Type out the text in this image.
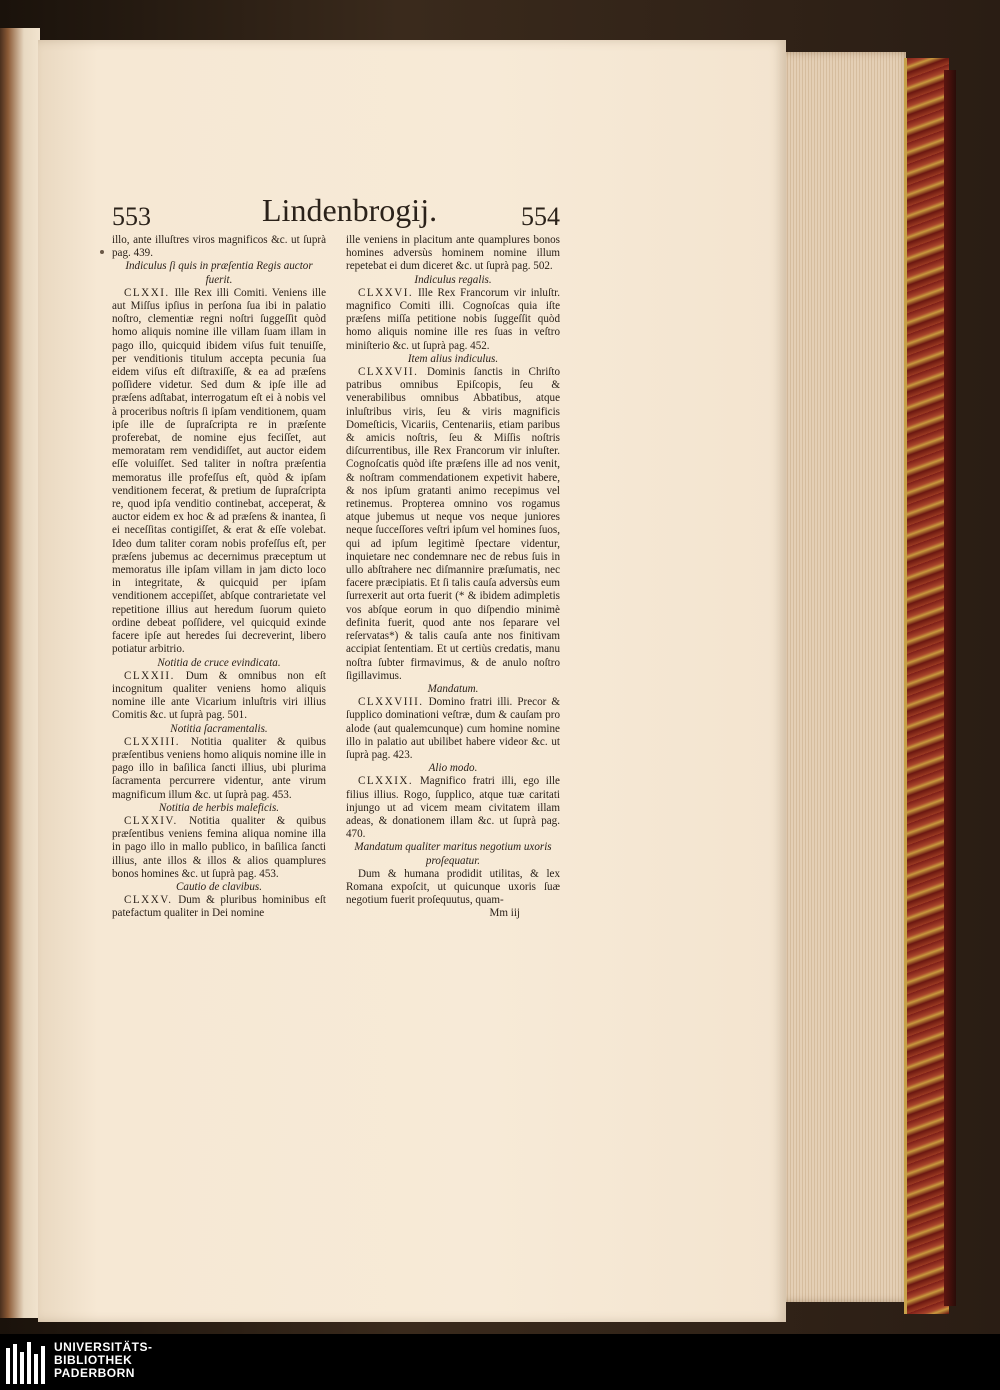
553	Lindenbrogij.	554

illo, ante illuſtres viros magnificos &c. ut ſuprà pag. 439.

Indiculus ſi quis in præſentia Regis auctor fuerit.

CLXXI. Ille Rex illi Comiti. Veniens ille aut Miſſus ipſius in perſona ſua ibi in palatio noſtro, clementiæ regni noſtri ſuggeſſit quòd homo aliquis nomine ille villam ſuam illam in pago illo, quicquid ibidem viſus fuit tenuiſſe, per venditionis titulum accepta pecunia ſua eidem viſus eſt diſtraxiſſe, & ea ad præſens poſſidere videtur. Sed dum & ipſe ille ad præſens adſtabat, interrogatum eſt ei à nobis vel à proceribus noſtris ſi ipſam venditionem, quam ipſe ille de ſupraſcripta re in præſente proferebat, de nomine ejus feciſſet, aut memoratam rem vendidiſſet, aut auctor eidem eſſe voluiſſet. Sed taliter in noſtra præſentia memoratus ille profeſſus eſt, quòd & ipſam venditionem fecerat, & pretium de ſupraſcripta re, quod ipſa venditio continebat, acceperat, & auctor eidem ex hoc & ad præſens & inantea, ſi ei neceſſitas contigiſſet, & erat & eſſe volebat. Ideo dum taliter coram nobis profeſſus eſt, per præſens jubemus ac decernimus præceptum ut memoratus ille ipſam villam in jam dicto loco in integritate, & quicquid per ipſam venditionem accepiſſet, abſque contrarietate vel repetitione illius aut heredum ſuorum quieto ordine debeat poſſidere, vel quicquid exinde facere ipſe aut heredes ſui decreverint, libero potiatur arbitrio.

Notitia de cruce evindicata.

CLXXII. Dum & omnibus non eſt incognitum qualiter veniens homo aliquis nomine ille ante Vicarium inluſtris viri illius Comitis &c. ut ſuprà pag. 501.

Notitia ſacramentalis.

CLXXIII. Notitia qualiter & quibus præſentibus veniens homo aliquis nomine ille in pago illo in baſilica ſancti illius, ubi plurima ſacramenta percurrere videntur, ante virum magnificum illum &c. ut ſuprà pag. 453.

Notitia de herbis maleficis.

CLXXIV. Notitia qualiter & quibus præſentibus veniens femina aliqua nomine illa in pago illo in mallo publico, in baſilica ſancti illius, ante illos & illos & alios quamplures bonos homines &c. ut ſuprà pag. 453.

Cautio de clavibus.

CLXXV. Dum & pluribus hominibus eſt patefactum qualiter in Dei nomine

ille veniens in placitum ante quamplures bonos homines adversùs hominem nomine illum repetebat ei dum diceret &c. ut ſuprà pag. 502.

Indiculus regalis.

CLXXVI. Ille Rex Francorum vir inluſtr. magnifico Comiti illi. Cognoſcas quia iſte præſens miſſa petitione nobis ſuggeſſit quòd homo aliquis nomine ille res ſuas in veſtro miniſterio &c. ut ſuprà pag. 452.

Item alius indiculus.

CLXXVII. Dominis ſanctis in Chriſto patribus omnibus Epiſcopis, ſeu & venerabilibus omnibus Abbatibus, atque inluſtribus viris, ſeu & viris magnificis Domeſticis, Vicariis, Centenariis, etiam paribus & amicis noſtris, ſeu & Miſſis noſtris diſcurrentibus, ille Rex Francorum vir inluſter. Cognoſcatis quòd iſte præſens ille ad nos venit, & noſtram commendationem expetivit habere, & nos ipſum gratanti animo recepimus vel retinemus. Propterea omnino vos rogamus atque jubemus ut neque vos neque juniores neque ſucceſſores veſtri ipſum vel homines ſuos, qui ad ipſum legitimè ſpectare videntur, inquietare nec condemnare nec de rebus ſuis in ullo abſtrahere nec diſmannire præſumatis, nec facere præcipiatis. Et ſi talis cauſa adversùs eum ſurrexerit aut orta fuerit (* & ibidem adimpletis vos abſque eorum in quo diſpendio minimè definita fuerit, quod ante nos ſeparare vel reſervatas*) & talis cauſa ante nos finitivam accipiat ſententiam. Et ut certiùs credatis, manu noſtra ſubter firmavimus, & de anulo noſtro ſigillavimus.

Mandatum.

CLXXVIII. Domino fratri illi. Precor & ſupplico dominationi veſtræ, dum & cauſam pro alode (aut qualemcunque) cum homine nomine illo in palatio aut ubilibet habere videor &c. ut ſuprà pag. 423.

Alio modo.

CLXXIX. Magnifico fratri illi, ego ille filius illius. Rogo, ſupplico, atque tuæ caritati injungo ut ad vicem meam civitatem illam adeas, & donationem illam &c. ut ſuprà pag. 470.

Mandatum qualiter maritus negotium uxoris proſequatur.

Dum & humana prodidit utilitas, & lex Romana expoſcit, ut quicunque uxoris ſuæ negotium fuerit proſequutus, quam-

Mm iij

UNIVERSITÄTS-
BIBLIOTHEK
PADERBORN
